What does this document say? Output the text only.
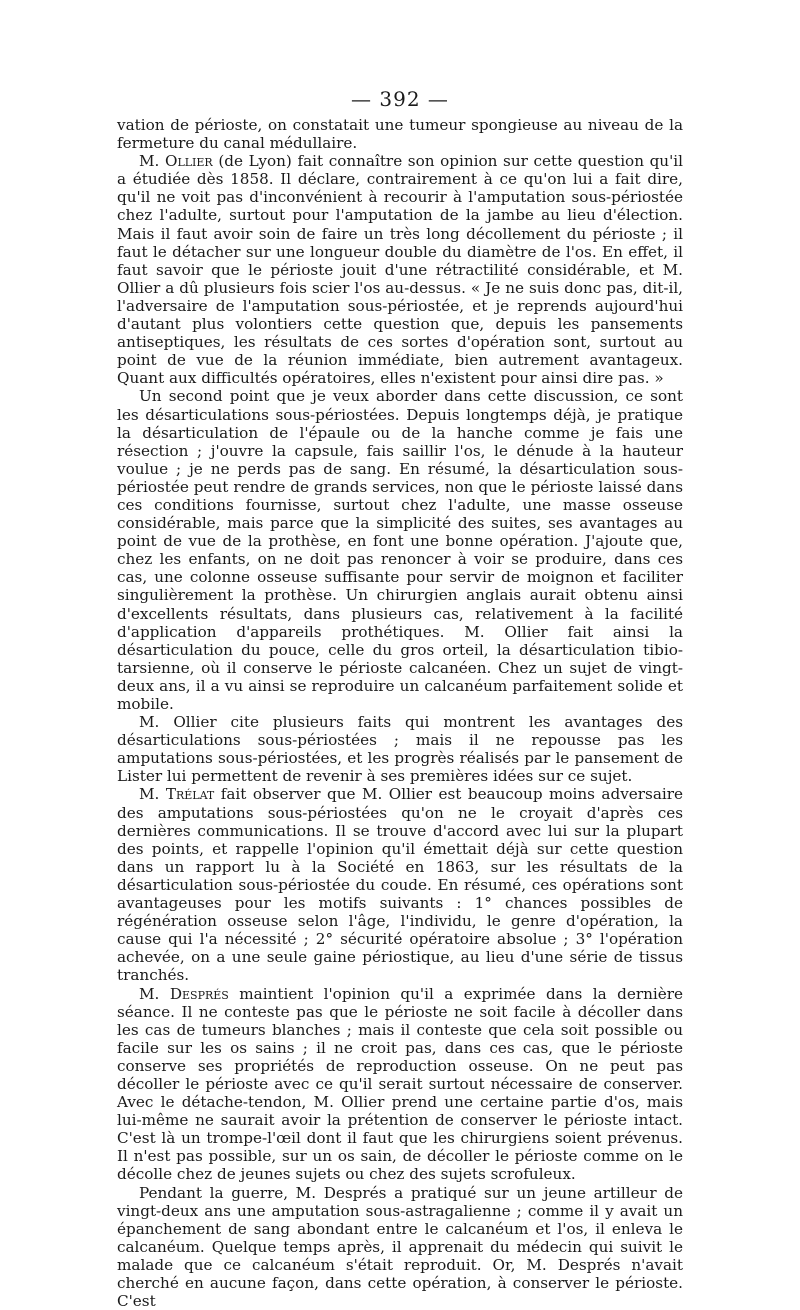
— 392 —

vation de périoste, on constatait une tumeur spongieuse au niveau de la fermeture du canal médullaire.

M. Ollier (de Lyon) fait connaître son opinion sur cette question qu'il a étudiée dès 1858. Il déclare, contrairement à ce qu'on lui a fait dire, qu'il ne voit pas d'inconvénient à recourir à l'amputation sous-périostée chez l'adulte, surtout pour l'amputation de la jambe au lieu d'élection. Mais il faut avoir soin de faire un très long décollement du périoste ; il faut le détacher sur une longueur double du diamètre de l'os. En effet, il faut savoir que le périoste jouit d'une rétractilité considérable, et M. Ollier a dû plusieurs fois scier l'os au-dessus. « Je ne suis donc pas, dit-il, l'adversaire de l'amputation sous-périostée, et je reprends aujourd'hui d'autant plus volontiers cette question que, depuis les pansements antiseptiques, les résultats de ces sortes d'opération sont, surtout au point de vue de la réunion immédiate, bien autrement avantageux. Quant aux difficultés opératoires, elles n'existent pour ainsi dire pas. »

Un second point que je veux aborder dans cette discussion, ce sont les désarticulations sous-périostées. Depuis longtemps déjà, je pratique la désarticulation de l'épaule ou de la hanche comme je fais une résection ; j'ouvre la capsule, fais saillir l'os, le dénude à la hauteur voulue ; je ne perds pas de sang. En résumé, la désarticulation sous-périostée peut rendre de grands services, non que le périoste laissé dans ces conditions fournisse, surtout chez l'adulte, une masse osseuse considérable, mais parce que la simplicité des suites, ses avantages au point de vue de la prothèse, en font une bonne opération. J'ajoute que, chez les enfants, on ne doit pas renoncer à voir se produire, dans ces cas, une colonne osseuse suffisante pour servir de moignon et faciliter singulièrement la prothèse. Un chirurgien anglais aurait obtenu ainsi d'excellents résultats, dans plusieurs cas, relativement à la facilité d'application d'appareils prothétiques. M. Ollier fait ainsi la désarticulation du pouce, celle du gros orteil, la désarticulation tibio-tarsienne, où il conserve le périoste calcanéen. Chez un sujet de vingt-deux ans, il a vu ainsi se reproduire un calcanéum parfaitement solide et mobile.

M. Ollier cite plusieurs faits qui montrent les avantages des désarticulations sous-périostées ; mais il ne repousse pas les amputations sous-périostées, et les progrès réalisés par le pansement de Lister lui permettent de revenir à ses premières idées sur ce sujet.

M. Trélat fait observer que M. Ollier est beaucoup moins adversaire des amputations sous-périostées qu'on ne le croyait d'après ces dernières communications. Il se trouve d'accord avec lui sur la plupart des points, et rappelle l'opinion qu'il émettait déjà sur cette question dans un rapport lu à la Société en 1863, sur les résultats de la désarticulation sous-périostée du coude. En résumé, ces opérations sont avantageuses pour les motifs suivants : 1° chances possibles de régénération osseuse selon l'âge, l'individu, le genre d'opération, la cause qui l'a nécessité ; 2° sécurité opératoire absolue ; 3° l'opération achevée, on a une seule gaine périostique, au lieu d'une série de tissus tranchés.

M. Després maintient l'opinion qu'il a exprimée dans la dernière séance. Il ne conteste pas que le périoste ne soit facile à décoller dans les cas de tumeurs blanches ; mais il conteste que cela soit possible ou facile sur les os sains ; il ne croit pas, dans ces cas, que le périoste conserve ses propriétés de reproduction osseuse. On ne peut pas décoller le périoste avec ce qu'il serait surtout nécessaire de conserver. Avec le détache-tendon, M. Ollier prend une certaine partie d'os, mais lui-même ne saurait avoir la prétention de conserver le périoste intact. C'est là un trompe-l'œil dont il faut que les chirurgiens soient prévenus. Il n'est pas possible, sur un os sain, de décoller le périoste comme on le décolle chez de jeunes sujets ou chez des sujets scrofuleux.

Pendant la guerre, M. Després a pratiqué sur un jeune artilleur de vingt-deux ans une amputation sous-astragalienne ; comme il y avait un épanchement de sang abondant entre le calcanéum et l'os, il enleva le calcanéum. Quelque temps après, il apprenait du médecin qui suivit le malade que ce calcanéum s'était reproduit. Or, M. Després n'avait cherché en aucune façon, dans cette opération, à conserver le périoste. C'est
